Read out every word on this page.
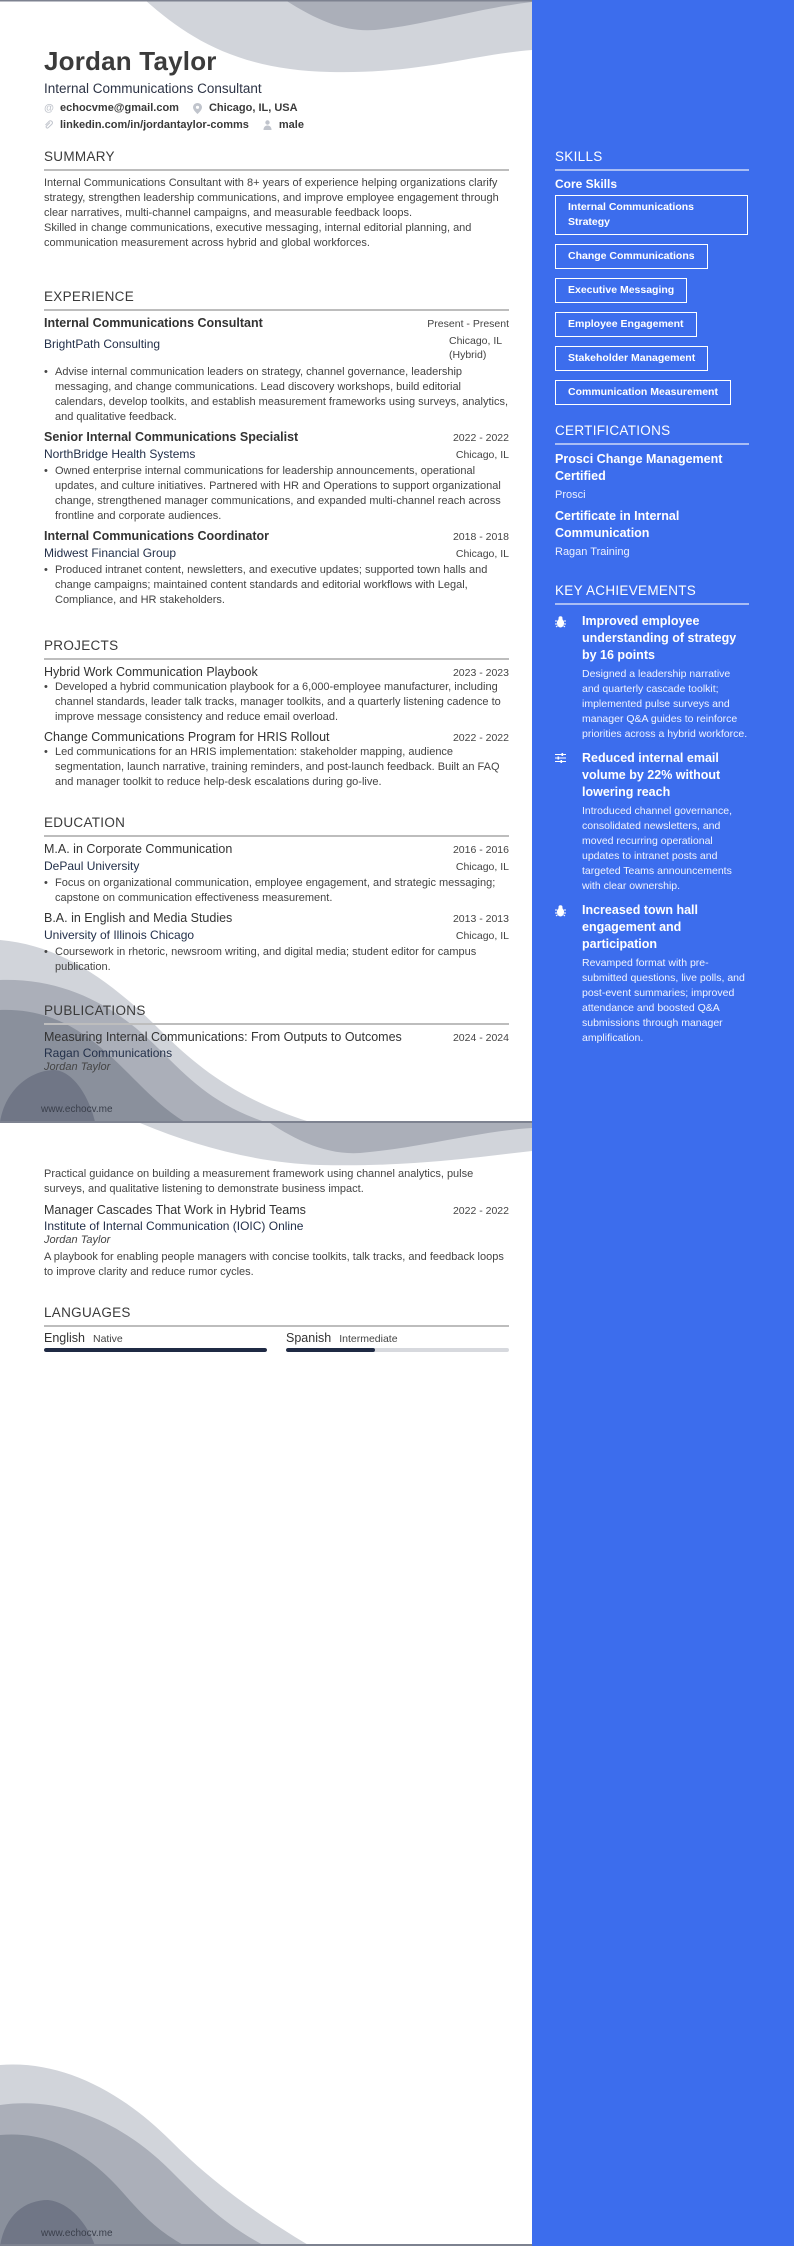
www.echocv.me
www.echocv.me
Jordan Taylor
Internal Communications Consultant
@ echocvme@gmail.com	Chicago, IL, USA
linkedin.com/in/jordantaylor-comms	male
SUMMARY
Internal Communications Consultant with 8+ years of experience helping organizations clarify strategy, strengthen leadership communications, and improve employee engagement through clear narratives, multi-channel campaigns, and measurable feedback loops.
Skilled in change communications, executive messaging, internal editorial planning, and communication measurement across hybrid and global workforces.
EXPERIENCE
Internal Communications Consultant	Present - Present
BrightPath Consulting	Chicago, IL (Hybrid)
• Advise internal communication leaders on strategy, channel governance, leadership messaging, and change communications. Lead discovery workshops, build editorial calendars, develop toolkits, and establish measurement frameworks using surveys, analytics, and qualitative feedback.
Senior Internal Communications Specialist	2022 - 2022
NorthBridge Health Systems	Chicago, IL
• Owned enterprise internal communications for leadership announcements, operational updates, and culture initiatives. Partnered with HR and Operations to support organizational change, strengthened manager communications, and expanded multi-channel reach across frontline and corporate audiences.
Internal Communications Coordinator	2018 - 2018
Midwest Financial Group	Chicago, IL
• Produced intranet content, newsletters, and executive updates; supported town halls and change campaigns; maintained content standards and editorial workflows with Legal, Compliance, and HR stakeholders.
PROJECTS
Hybrid Work Communication Playbook	2023 - 2023
• Developed a hybrid communication playbook for a 6,000-employee manufacturer, including channel standards, leader talk tracks, manager toolkits, and a quarterly listening cadence to improve message consistency and reduce email overload.
Change Communications Program for HRIS Rollout	2022 - 2022
• Led communications for an HRIS implementation: stakeholder mapping, audience segmentation, launch narrative, training reminders, and post-launch feedback. Built an FAQ and manager toolkit to reduce help-desk escalations during go-live.
EDUCATION
M.A. in Corporate Communication	2016 - 2016
DePaul University	Chicago, IL
• Focus on organizational communication, employee engagement, and strategic messaging; capstone on communication effectiveness measurement.
B.A. in English and Media Studies	2013 - 2013
University of Illinois Chicago	Chicago, IL
• Coursework in rhetoric, newsroom writing, and digital media; student editor for campus publication.
PUBLICATIONS
Measuring Internal Communications: From Outputs to Outcomes	2024 - 2024
Ragan Communications
Jordan Taylor
Practical guidance on building a measurement framework using channel analytics, pulse surveys, and qualitative listening to demonstrate business impact.
Manager Cascades That Work in Hybrid Teams	2022 - 2022
Institute of Internal Communication (IOIC) Online
Jordan Taylor
A playbook for enabling people managers with concise toolkits, talk tracks, and feedback loops to improve clarity and reduce rumor cycles.
LANGUAGES
English Native	Spanish Intermediate
SKILLS
Core Skills
Internal Communications Strategy
Change Communications
Executive Messaging
Employee Engagement
Stakeholder Management
Communication Measurement
CERTIFICATIONS
Prosci Change Management Certified
Prosci
Certificate in Internal Communication
Ragan Training
KEY ACHIEVEMENTS
Improved employee understanding of strategy by 16 points
Designed a leadership narrative and quarterly cascade toolkit; implemented pulse surveys and manager Q&A guides to reinforce priorities across a hybrid workforce.
Reduced internal email volume by 22% without lowering reach
Introduced channel governance, consolidated newsletters, and moved recurring operational updates to intranet posts and targeted Teams announcements with clear ownership.
Increased town hall engagement and participation
Revamped format with pre-submitted questions, live polls, and post-event summaries; improved attendance and boosted Q&A submissions through manager amplification.
